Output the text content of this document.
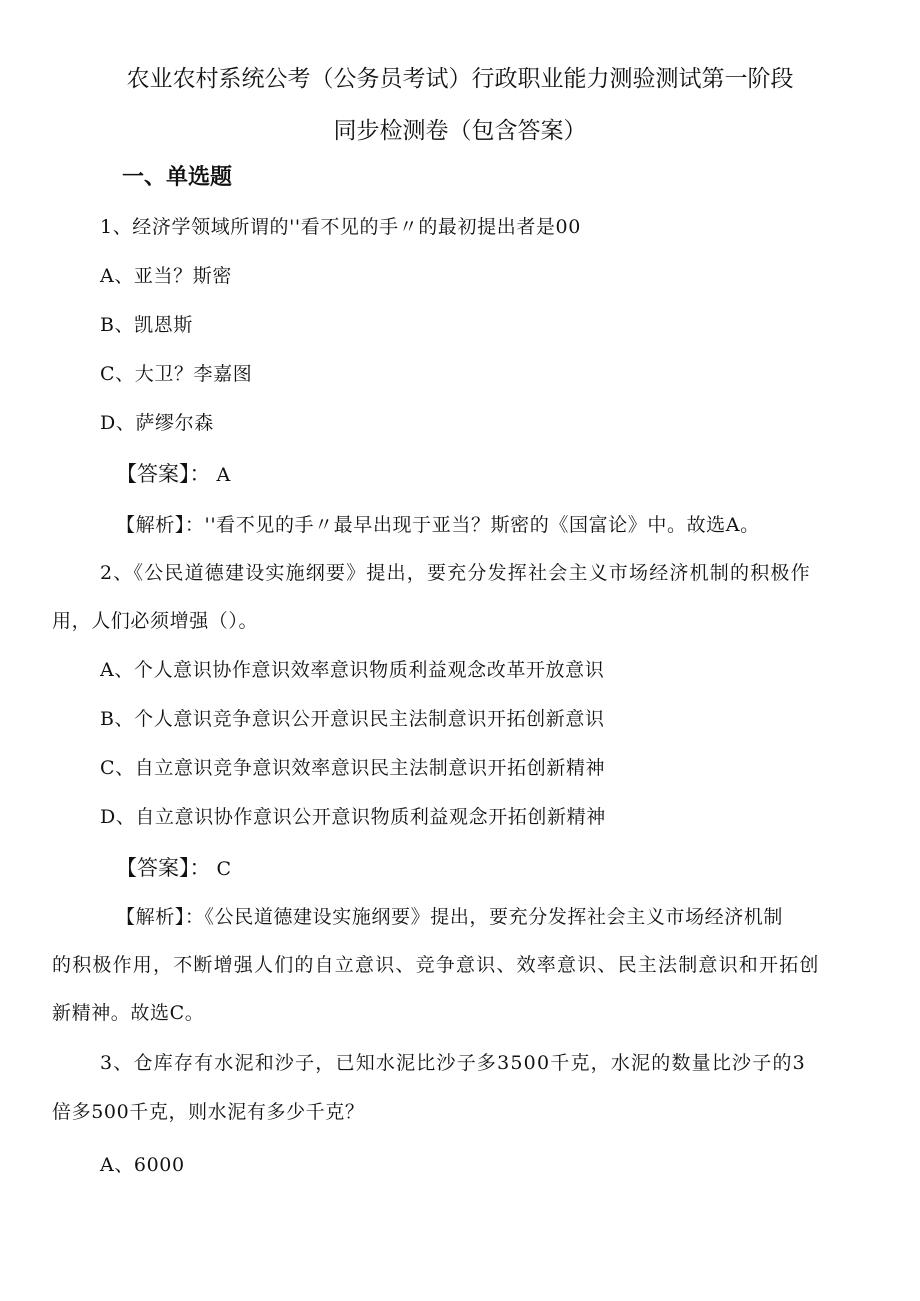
农业农村系统公考（公务员考试）行政职业能力测验测试第一阶段
同步检测卷（包含答案）
一、单选题
1、经济学领域所谓的''看不见的手〃的最初提出者是00
A、亚当？斯密
B、凯恩斯
C、大卫？李嘉图
D、萨缪尔森
【答案】： A
【解析】：''看不见的手〃最早出现于亚当？斯密的《国富论》中。故选A。
2、《公民道德建设实施纲要》提出，要充分发挥社会主义市场经济机制的积极作
用，人们必须增强（）。
A、个人意识协作意识效率意识物质利益观念改革开放意识
B、个人意识竞争意识公开意识民主法制意识开拓创新意识
C、自立意识竞争意识效率意识民主法制意识开拓创新精神
D、自立意识协作意识公开意识物质利益观念开拓创新精神
【答案】： C
【解析】：《公民道德建设实施纲要》提出，要充分发挥社会主义市场经济机制
的积极作用，不断增强人们的自立意识、竞争意识、效率意识、民主法制意识和开拓创
新精神。故选C。
3、仓库存有水泥和沙子，已知水泥比沙子多3500千克，水泥的数量比沙子的3
倍多500千克，则水泥有多少千克？
A、6000
